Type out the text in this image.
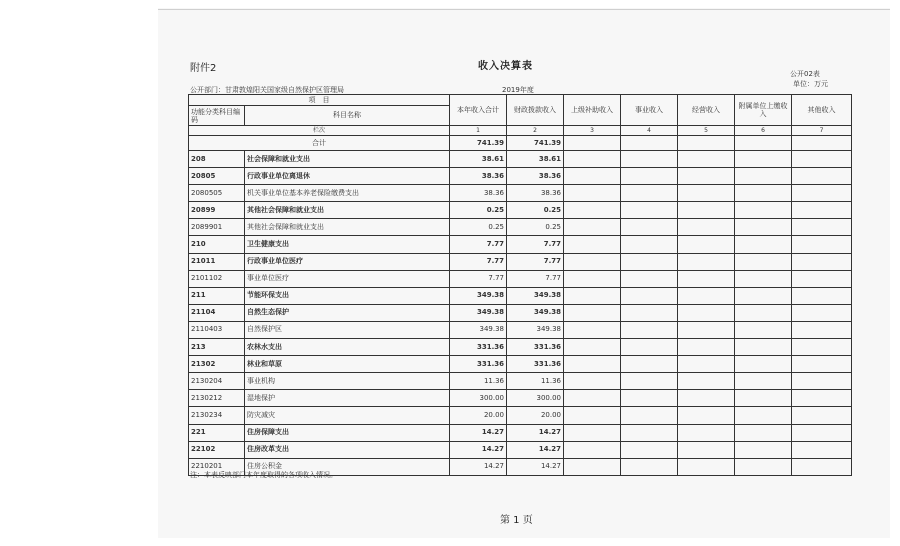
附件2	收入决算表
公开02表
单位：万元
公开部门：甘肃敦煌阳关国家级自然保护区管理局	2019年度
项　目		本年收入合计	财政拨款收入	上级补助收入	事业收入	经营收入	附属单位上缴收入	其他收入
功能分类科目编码	科目名称							
栏次		1	2	3	4	5	6	7
合计		741.39	741.39					
208	社会保障和就业支出	38.61	38.61					
20805	行政事业单位离退休	38.36	38.36					
2080505	机关事业单位基本养老保险缴费支出	38.36	38.36					
20899	其他社会保障和就业支出	0.25	0.25					
2089901	其他社会保障和就业支出	0.25	0.25					
210	卫生健康支出	7.77	7.77					
21011	行政事业单位医疗	7.77	7.77					
2101102	事业单位医疗	7.77	7.77					
211	节能环保支出	349.38	349.38					
21104	自然生态保护	349.38	349.38					
2110403	自然保护区	349.38	349.38					
213	农林水支出	331.36	331.36					
21302	林业和草原	331.36	331.36					
2130204	事业机构	11.36	11.36					
2130212	湿地保护	300.00	300.00					
2130234	防灾减灾	20.00	20.00					
221	住房保障支出	14.27	14.27					
22102	住房改革支出	14.27	14.27					
2210201	住房公积金	14.27	14.27					
注：本表反映部门本年度取得的各项收入情况。
第 1 页
